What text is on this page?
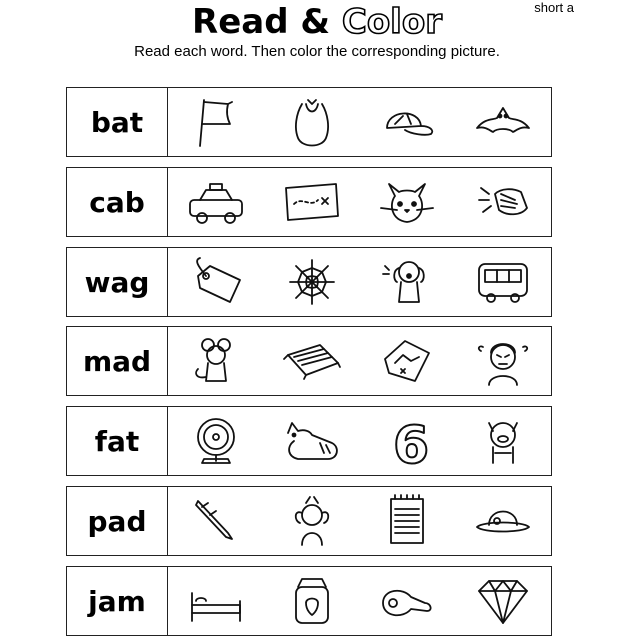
short a
Read & Color
Read each word. Then color the corresponding picture.
bat
cab
wag
mad
fat	6
pad
jam
